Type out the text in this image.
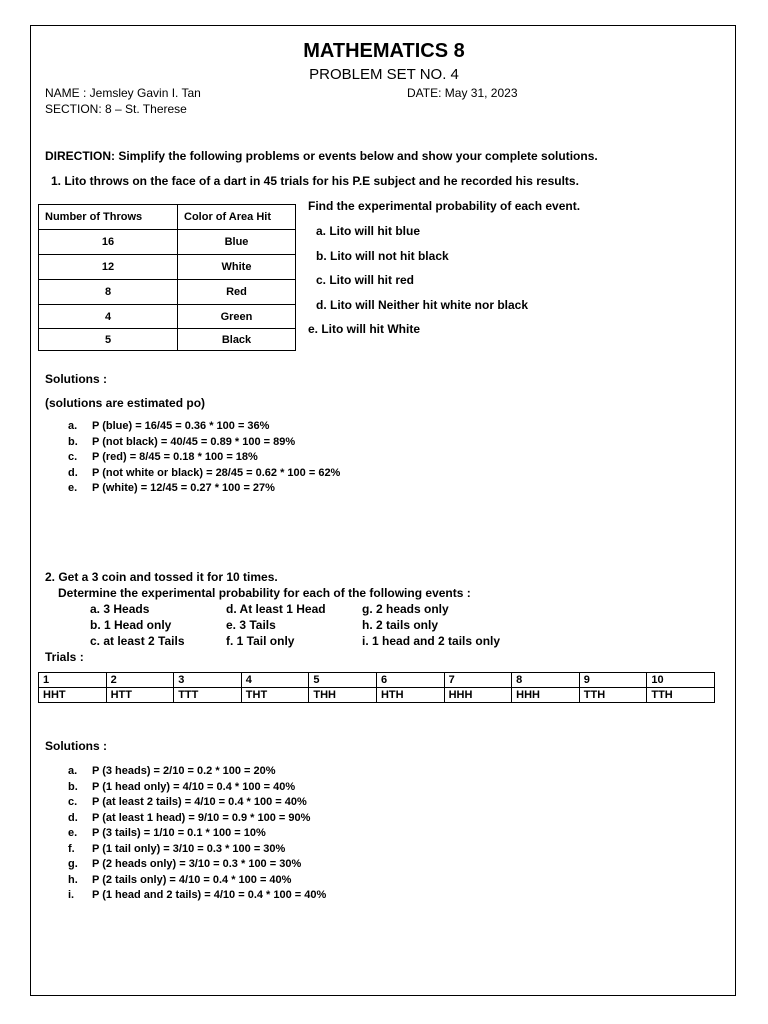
MATHEMATICS 8
PROBLEM SET NO. 4
NAME : Jemsley Gavin I. Tan	DATE: May 31, 2023
SECTION: 8 – St. Therese
DIRECTION: Simplify the following problems or events below and show your complete solutions.
1. Lito throws on the face of a dart in 45 trials for his P.E subject and he recorded his results.
Number of Throws	Color of Area Hit
16	Blue
12	White
8	Red
4	Green
5	Black
Find the experimental probability of each event.
a. Lito will hit blue
b. Lito will not hit black
c. Lito will hit red
d. Lito will Neither hit white nor black
e. Lito will hit White
Solutions :
(solutions are estimated po)
a. P (blue) = 16/45 = 0.36 * 100 = 36%
b. P (not black) = 40/45 = 0.89 * 100 = 89%
c. P (red) = 8/45 = 0.18 * 100 = 18%
d. P (not white or black) = 28/45 = 0.62 * 100 = 62%
e. P (white) = 12/45 = 0.27 * 100 = 27%
2. Get a 3 coin and tossed it for 10 times.
Determine the experimental probability for each of the following events :
a. 3 Heads	d. At least 1 Head	g. 2 heads only
b. 1 Head only	e. 3 Tails	h. 2 tails only
c. at least 2 Tails	f. 1 Tail only	i. 1 head and 2 tails only
Trials :
1	2	3	4	5	6	7	8	9	10
HHT	HTT	TTT	THT	THH	HTH	HHH	HHH	TTH	TTH
Solutions :
a. P (3 heads) = 2/10 = 0.2 * 100 = 20%
b. P (1 head only) = 4/10 = 0.4 * 100 = 40%
c. P (at least 2 tails) = 4/10 = 0.4 * 100 = 40%
d. P (at least 1 head) = 9/10 = 0.9 * 100 = 90%
e. P (3 tails) = 1/10 = 0.1 * 100 = 10%
f. P (1 tail only) = 3/10 = 0.3 * 100 = 30%
g. P (2 heads only) = 3/10 = 0.3 * 100 = 30%
h. P (2 tails only) = 4/10 = 0.4 * 100 = 40%
i. P (1 head and 2 tails) = 4/10 = 0.4 * 100 = 40%
